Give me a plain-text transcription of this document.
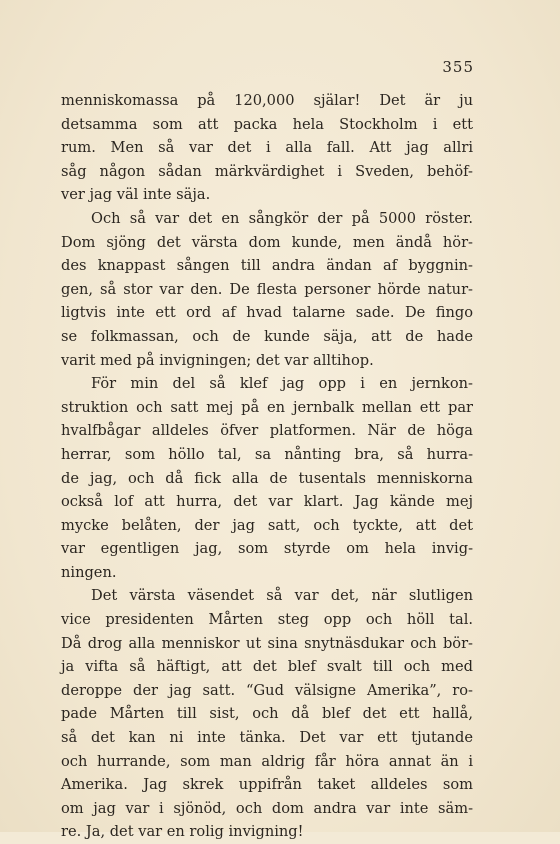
355
menniskomassa på 120,000 själar! Det är ju
detsamma som att packa hela Stockholm i ett
rum. Men så var det i alla fall. Att jag allri
såg någon sådan märkvärdighet i Sveden, behöf-
ver jag väl inte säja.
Och så var det en sångkör der på 5000 röster.
Dom sjöng det värsta dom kunde, men ändå hör-
des knappast sången till andra ändan af byggnin-
gen, så stor var den. De flesta personer hörde natur-
ligtvis inte ett ord af hvad talarne sade. De fingo
se folkmassan, och de kunde säja, att de hade
varit med på invigningen; det var alltihop.
För min del så klef jag opp i en jernkon-
struktion och satt mej på en jernbalk mellan ett par
hvalfbågar alldeles öfver platformen. När de höga
herrar, som höllo tal, sa nånting bra, så hurra-
de jag, och då fick alla de tusentals menniskorna
också lof att hurra, det var klart. Jag kände mej
mycke belåten, der jag satt, och tyckte, att det
var egentligen jag, som styrde om hela invig-
ningen.
Det värsta väsendet så var det, när slutligen
vice presidenten Mårten steg opp och höll tal.
Då drog alla menniskor ut sina snytnäsdukar och bör-
ja vifta så häftigt, att det blef svalt till och med
deroppe der jag satt. “Gud välsigne Amerika”, ro-
pade Mårten till sist, och då blef det ett hallå,
så det kan ni inte tänka. Det var ett tjutande
och hurrande, som man aldrig får höra annat än i
Amerika. Jag skrek uppifrån taket alldeles som
om jag var i sjönöd, och dom andra var inte säm-
re. Ja, det var en rolig invigning!
